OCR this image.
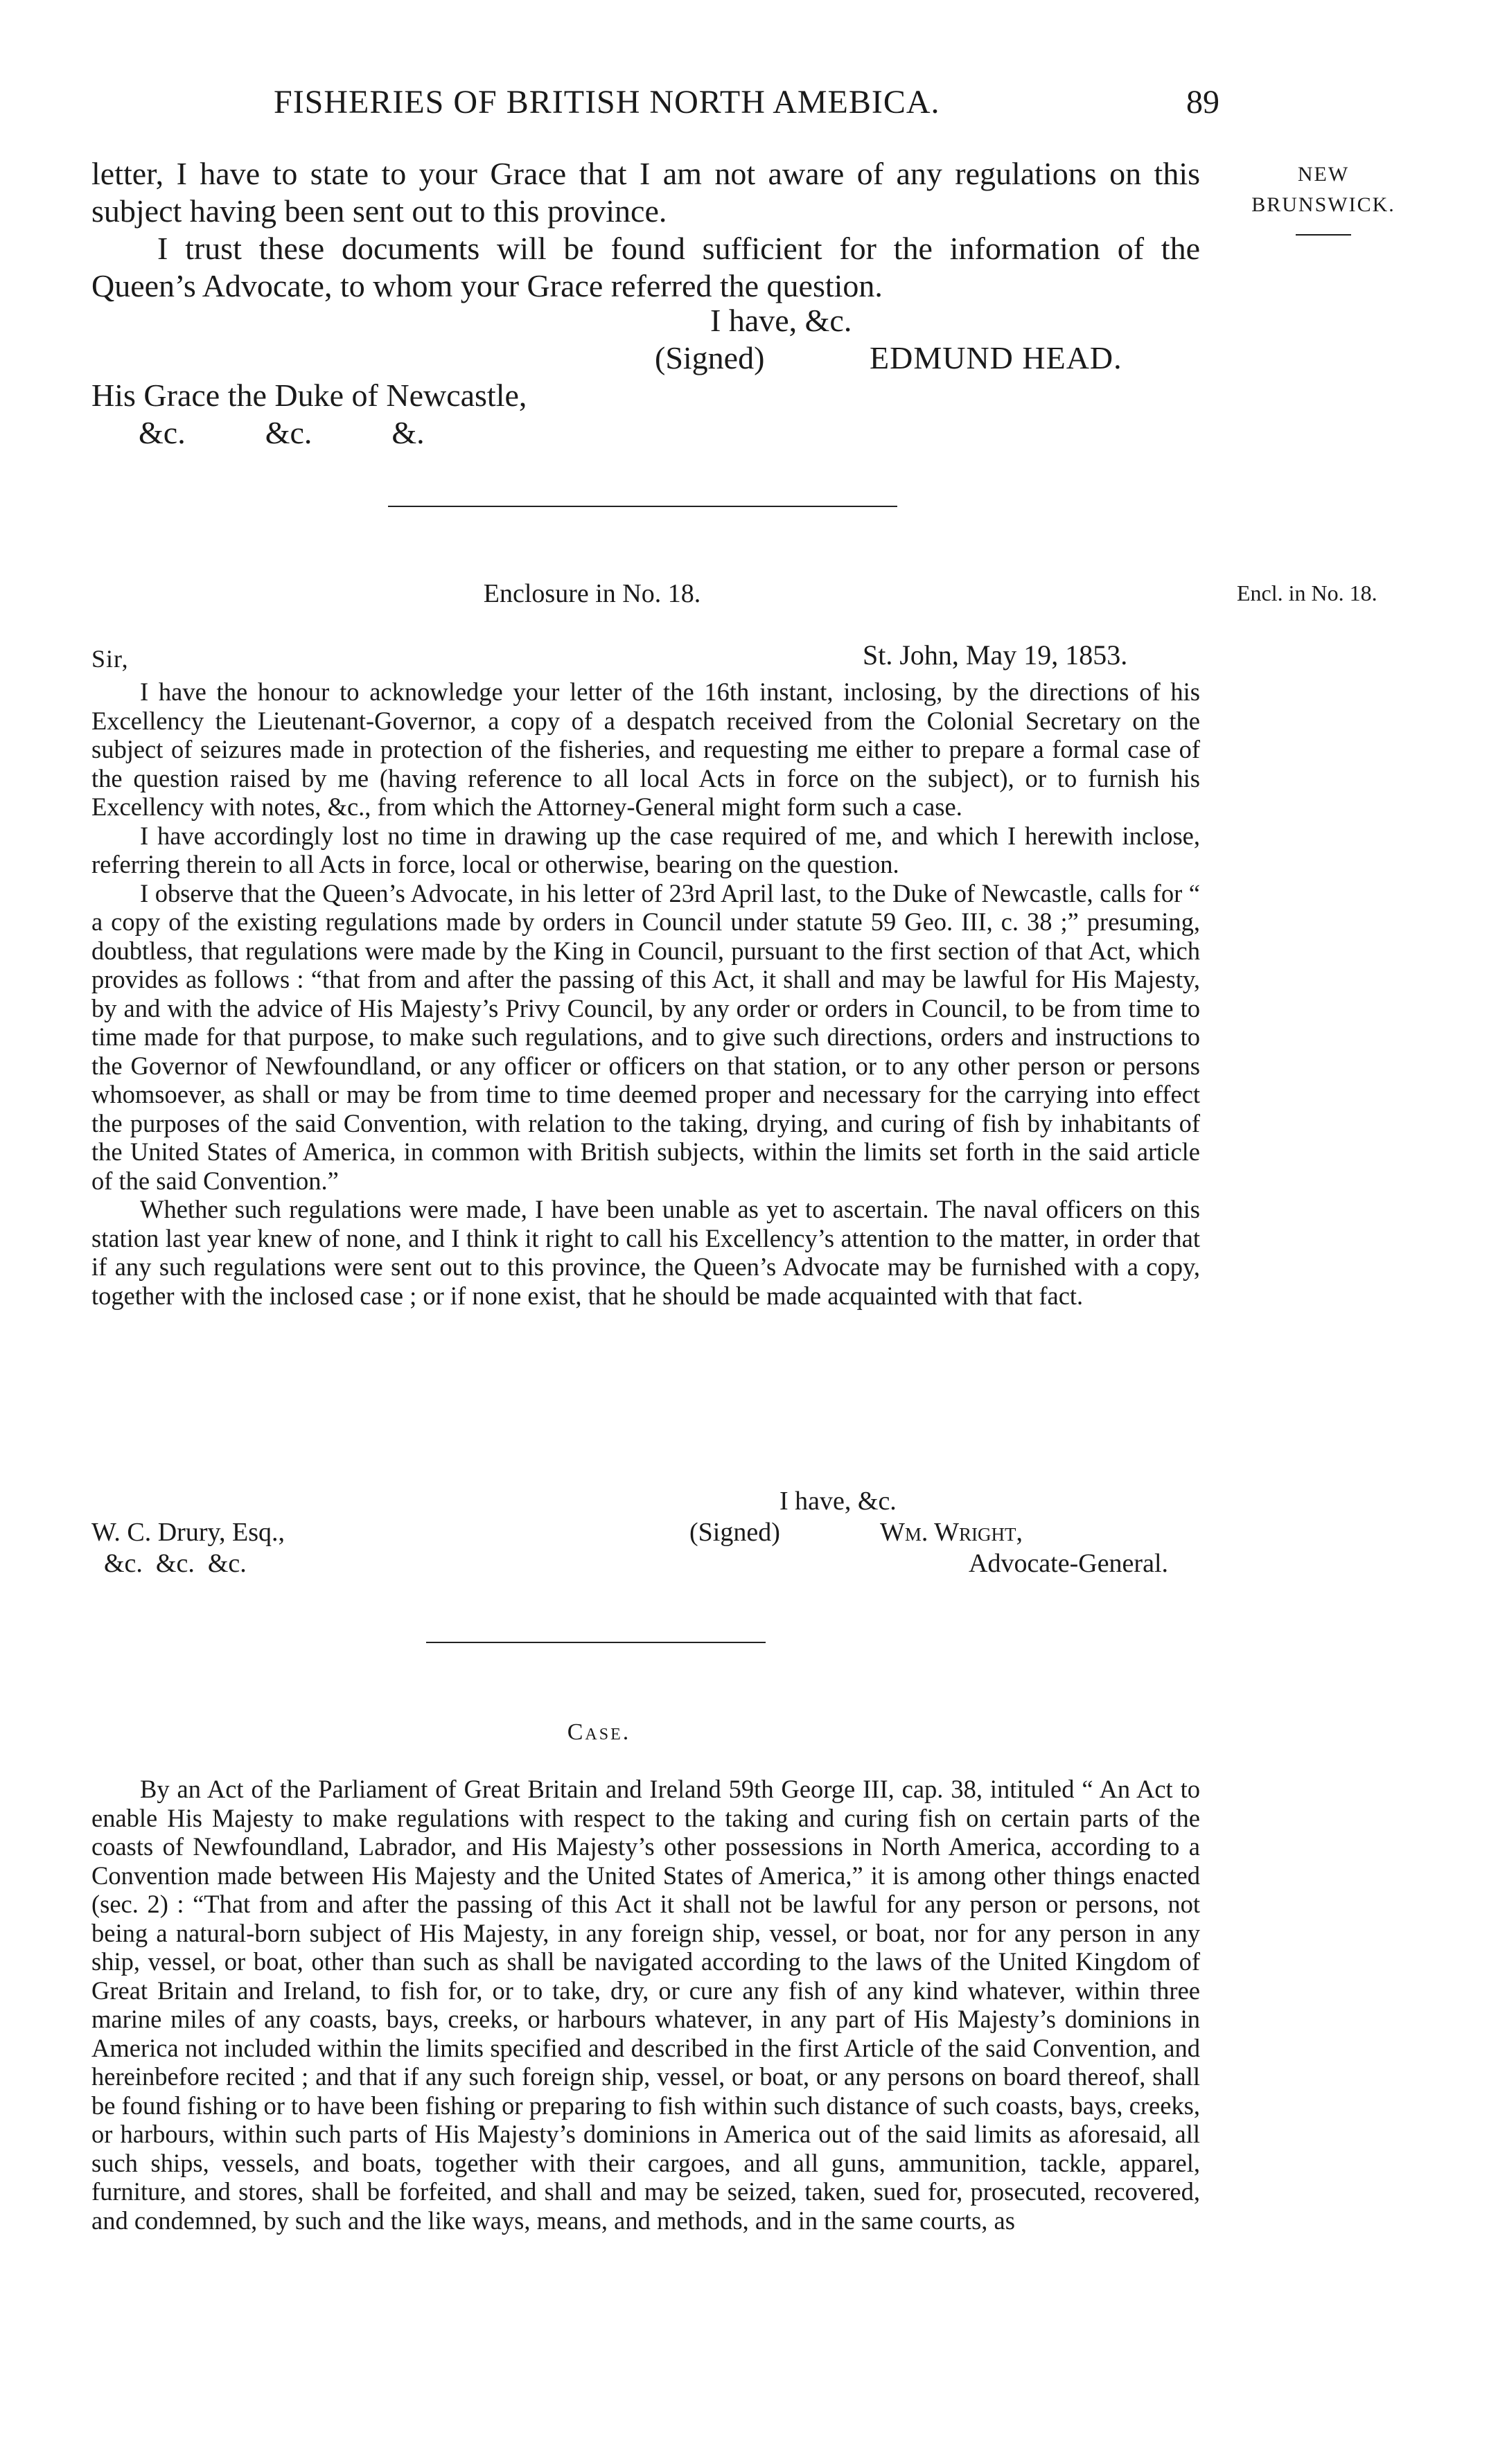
FISHERIES OF BRITISH NORTH AMEBICA.	89
NEW
BRUNSWICK.

letter, I have to state to your Grace that I am not aware of any regulations on this subject having been sent out to this province.

I trust these documents will be found sufficient for the information of the Queen’s Advocate, to whom your Grace referred the question.

I have, &c.
(Signed)	EDMUND HEAD.
His Grace the Duke of Newcastle,
&c.          &c.          &.
Enclosure in No. 18.	Encl. in No. 18.
Sir,	St. John, May 19, 1853.

I have the honour to acknowledge your letter of the 16th instant, inclosing, by the directions of his Excellency the Lieutenant-Governor, a copy of a despatch received from the Colonial Secretary on the subject of seizures made in protection of the fisheries, and requesting me either to prepare a formal case of the question raised by me (having reference to all local Acts in force on the subject), or to furnish his Excellency with notes, &c., from which the Attorney-General might form such a case.

I have accordingly lost no time in drawing up the case required of me, and which I herewith inclose, referring therein to all Acts in force, local or otherwise, bearing on the question.

I observe that the Queen’s Advocate, in his letter of 23rd April last, to the Duke of Newcastle, calls for “ a copy of the existing regulations made by orders in Council under statute 59 Geo. III, c. 38 ;” presuming, doubtless, that regulations were made by the King in Council, pursuant to the first section of that Act, which provides as follows : “that from and after the passing of this Act, it shall and may be lawful for His Majesty, by and with the advice of His Majesty’s Privy Council, by any order or orders in Council, to be from time to time made for that purpose, to make such regulations, and to give such directions, orders and instructions to the Governor of Newfoundland, or any officer or officers on that station, or to any other person or persons whomsoever, as shall or may be from time to time deemed proper and necessary for the carrying into effect the purposes of the said Convention, with relation to the taking, drying, and curing of fish by inhabitants of the United States of America, in common with British subjects, within the limits set forth in the said article of the said Convention.”

Whether such regulations were made, I have been unable as yet to ascertain. The naval officers on this station last year knew of none, and I think it right to call his Excellency’s attention to the matter, in order that if any such regulations were sent out to this province, the Queen’s Advocate may be furnished with a copy, together with the inclosed case ; or if none exist, that he should be made acquainted with that fact.

I have, &c.
W. C. Drury, Esq.,	(Signed)	Wm. Wright,
&c.  &c.  &c.	Advocate-General.
Case.

By an Act of the Parliament of Great Britain and Ireland 59th George III, cap. 38, intituled “ An Act to enable His Majesty to make regulations with respect to the taking and curing fish on certain parts of the coasts of Newfoundland, Labrador, and His Majesty’s other possessions in North America, according to a Convention made between His Majesty and the United States of America,” it is among other things enacted (sec. 2) : “That from and after the passing of this Act it shall not be lawful for any person or persons, not being a natural-born subject of His Majesty, in any foreign ship, vessel, or boat, nor for any person in any ship, vessel, or boat, other than such as shall be navigated according to the laws of the United Kingdom of Great Britain and Ireland, to fish for, or to take, dry, or cure any fish of any kind whatever, within three marine miles of any coasts, bays, creeks, or harbours whatever, in any part of His Majesty’s dominions in America not included within the limits specified and described in the first Article of the said Convention, and hereinbefore recited ; and that if any such foreign ship, vessel, or boat, or any persons on board thereof, shall be found fishing or to have been fishing or preparing to fish within such distance of such coasts, bays, creeks, or harbours, within such parts of His Majesty’s dominions in America out of the said limits as aforesaid, all such ships, vessels, and boats, together with their cargoes, and all guns, ammunition, tackle, apparel, furniture, and stores, shall be forfeited, and shall and may be seized, taken, sued for, prosecuted, recovered, and condemned, by such and the like ways, means, and methods, and in the same courts, as
